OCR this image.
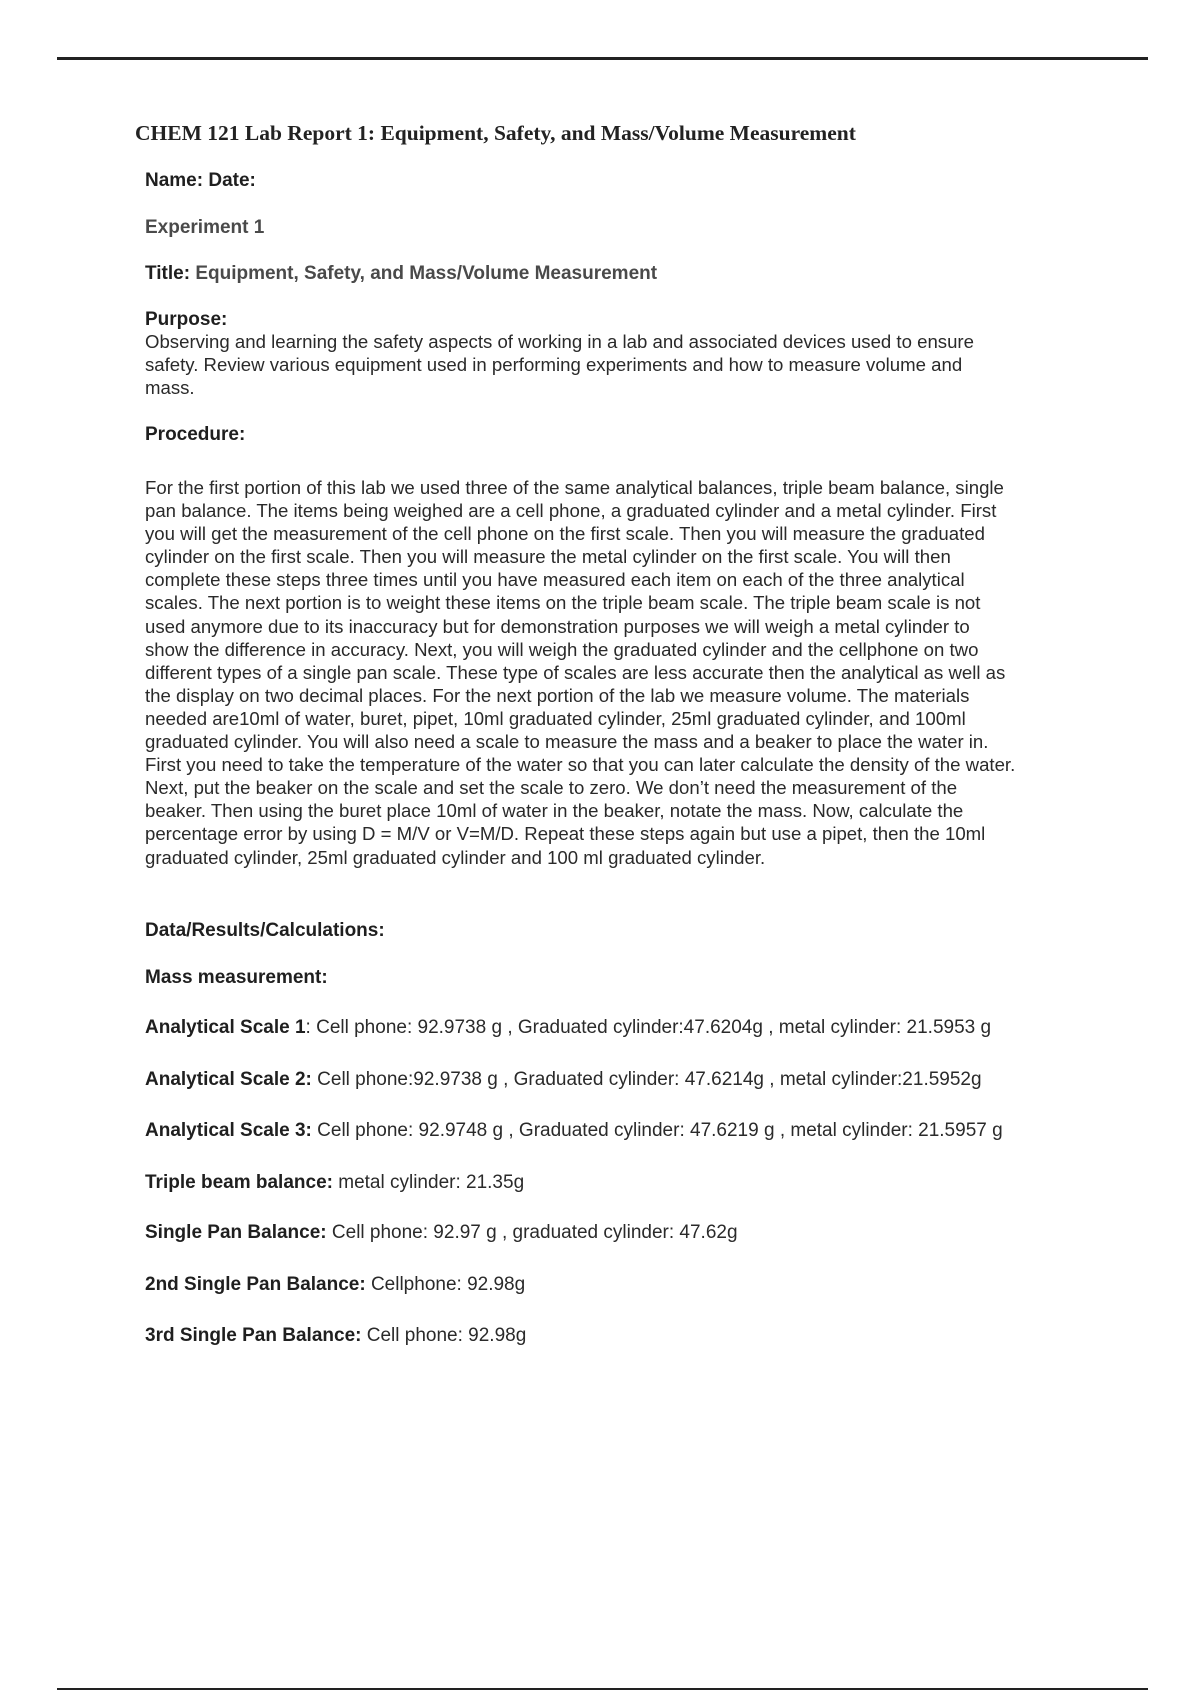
CHEM 121 Lab Report 1: Equipment, Safety, and Mass/Volume Measurement
Name: Date:
Experiment 1
Title: Equipment, Safety, and Mass/Volume Measurement
Purpose:
Observing and learning the safety aspects of working in a lab and associated devices used to ensure
safety. Review various equipment used in performing experiments and how to measure volume and
mass.
Procedure:
For the first portion of this lab we used three of the same analytical balances, triple beam balance, single
pan balance. The items being weighed are a cell phone, a graduated cylinder and a metal cylinder. First
you will get the measurement of the cell phone on the first scale. Then you will measure the graduated
cylinder on the first scale. Then you will measure the metal cylinder on the first scale. You will then
complete these steps three times until you have measured each item on each of the three analytical
scales. The next portion is to weight these items on the triple beam scale. The triple beam scale is not
used anymore due to its inaccuracy but for demonstration purposes we will weigh a metal cylinder to
show the difference in accuracy. Next, you will weigh the graduated cylinder and the cellphone on two
different types of a single pan scale. These type of scales are less accurate then the analytical as well as
the display on two decimal places. For the next portion of the lab we measure volume. The materials
needed are10ml of water, buret, pipet, 10ml graduated cylinder, 25ml graduated cylinder, and 100ml
graduated cylinder. You will also need a scale to measure the mass and a beaker to place the water in.
First you need to take the temperature of the water so that you can later calculate the density of the water.
Next, put the beaker on the scale and set the scale to zero. We don’t need the measurement of the
beaker. Then using the buret place 10ml of water in the beaker, notate the mass. Now, calculate the
percentage error by using D = M/V or V=M/D. Repeat these steps again but use a pipet, then the 10ml
graduated cylinder, 25ml graduated cylinder and 100 ml graduated cylinder.
Data/Results/Calculations:
Mass measurement:
Analytical Scale 1: Cell phone: 92.9738 g , Graduated cylinder:47.6204g , metal cylinder: 21.5953 g
Analytical Scale 2: Cell phone:92.9738 g , Graduated cylinder: 47.6214g , metal cylinder:21.5952g
Analytical Scale 3: Cell phone: 92.9748 g , Graduated cylinder: 47.6219 g , metal cylinder: 21.5957 g
Triple beam balance: metal cylinder: 21.35g
Single Pan Balance: Cell phone: 92.97 g , graduated cylinder: 47.62g
2nd Single Pan Balance: Cellphone: 92.98g
3rd Single Pan Balance: Cell phone: 92.98g
